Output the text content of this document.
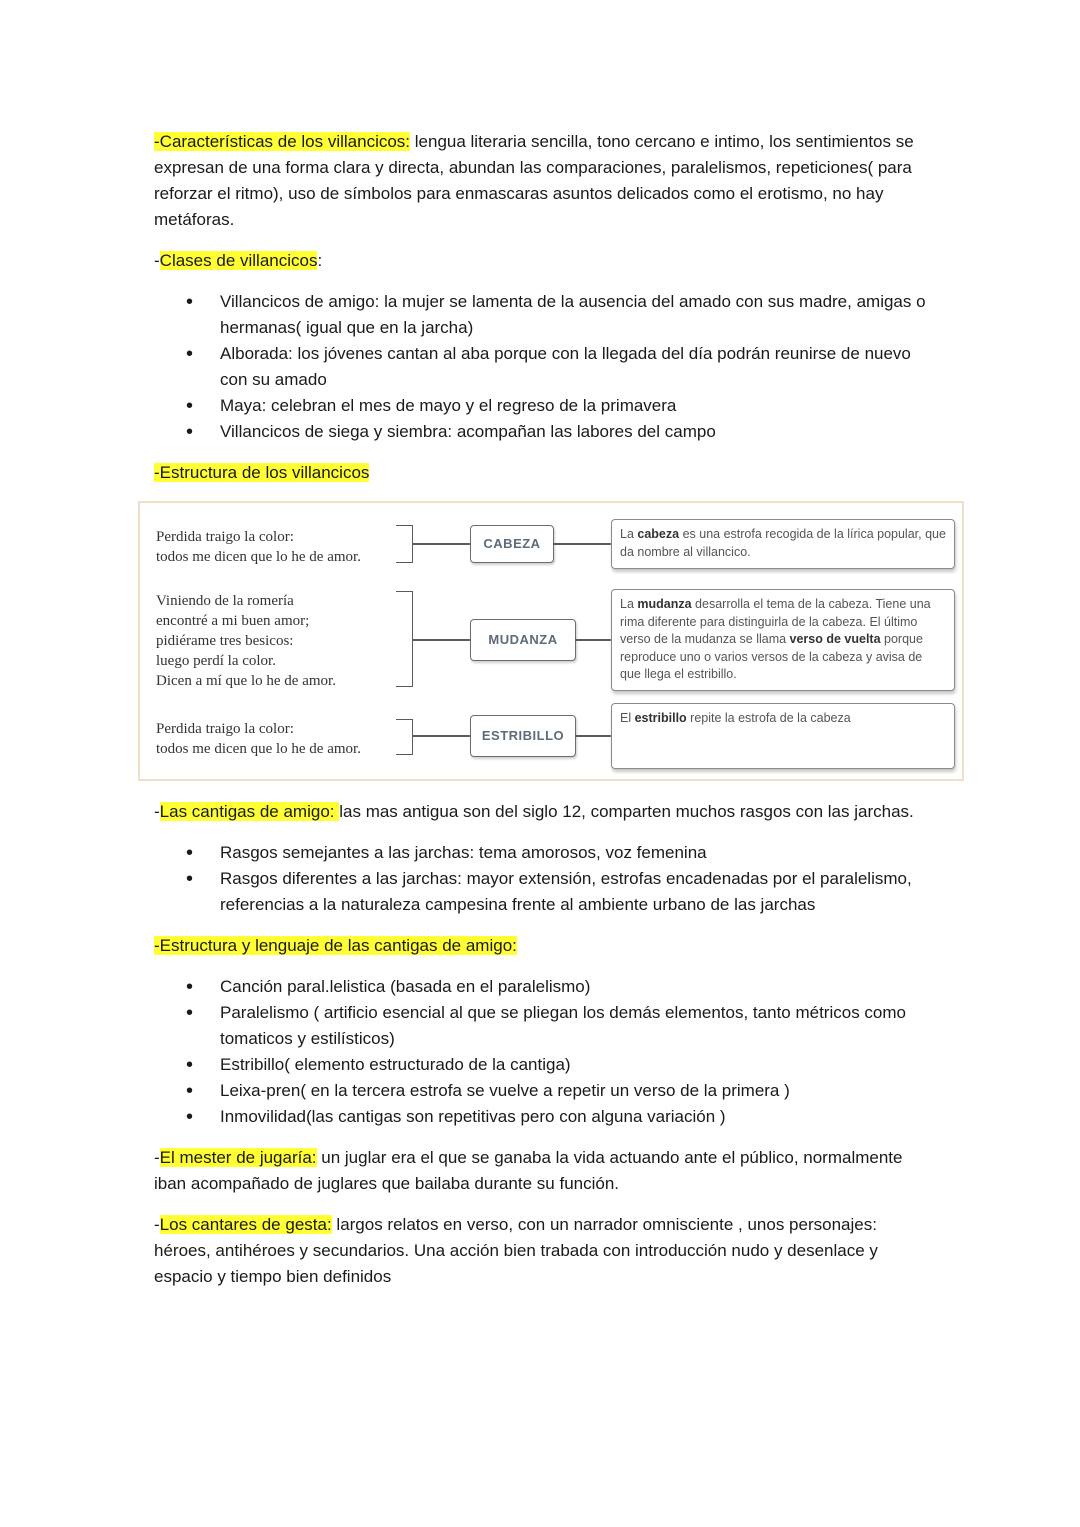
-Características de los villancicos: lengua literaria sencilla, tono cercano e intimo, los sentimientos se expresan de una forma clara y directa, abundan las comparaciones, paralelismos, repeticiones( para reforzar el ritmo), uso de símbolos para enmascaras asuntos delicados como el erotismo, no hay metáforas.

-Clases de villancicos:

• Villancicos de amigo: la mujer se lamenta de la ausencia del amado con sus madre, amigas o hermanas( igual que en la jarcha)
• Alborada: los jóvenes cantan al aba porque con la llegada del día podrán reunirse de nuevo con su amado
• Maya: celebran el mes de mayo y el regreso de la primavera
• Villancicos de siega y siembra: acompañan las labores del campo

-Estructura de los villancicos

Perdida traigo la color:
todos me dicen que lo he de amor.
CABEZA
La cabeza es una estrofa recogida de la lírica popular, que da nombre al villancico.
Viniendo de la romería
encontré a mi buen amor;
pidiérame tres besicos:
luego perdí la color.
Dicen a mí que lo he de amor.
MUDANZA
La mudanza desarrolla el tema de la cabeza. Tiene una rima diferente para distinguirla de la cabeza. El último verso de la mudanza se llama verso de vuelta porque reproduce uno o varios versos de la cabeza y avisa de que llega el estribillo.
Perdida traigo la color:
todos me dicen que lo he de amor.
ESTRIBILLO
El estribillo repite la estrofa de la cabeza

-Las cantigas de amigo: las mas antigua son del siglo 12, comparten muchos rasgos con las jarchas.

• Rasgos semejantes a las jarchas: tema amorosos, voz femenina
• Rasgos diferentes a las jarchas: mayor extensión, estrofas encadenadas por el paralelismo, referencias a la naturaleza campesina frente al ambiente urbano de las jarchas

-Estructura y lenguaje de las cantigas de amigo:

• Canción paral.lelistica (basada en el paralelismo)
• Paralelismo ( artificio esencial al que se pliegan los demás elementos, tanto métricos como tomaticos y estilísticos)
• Estribillo( elemento estructurado de la cantiga)
• Leixa-pren( en la tercera estrofa se vuelve a repetir un verso de la primera )
• Inmovilidad(las cantigas son repetitivas pero con alguna variación )

-El mester de jugaría: un juglar era el que se ganaba la vida actuando ante el público, normalmente iban acompañado de juglares que bailaba durante su función.

-Los cantares de gesta: largos relatos en verso, con un narrador omnisciente , unos personajes: héroes, antihéroes y secundarios. Una acción bien trabada con introducción nudo y desenlace y espacio y tiempo bien definidos
